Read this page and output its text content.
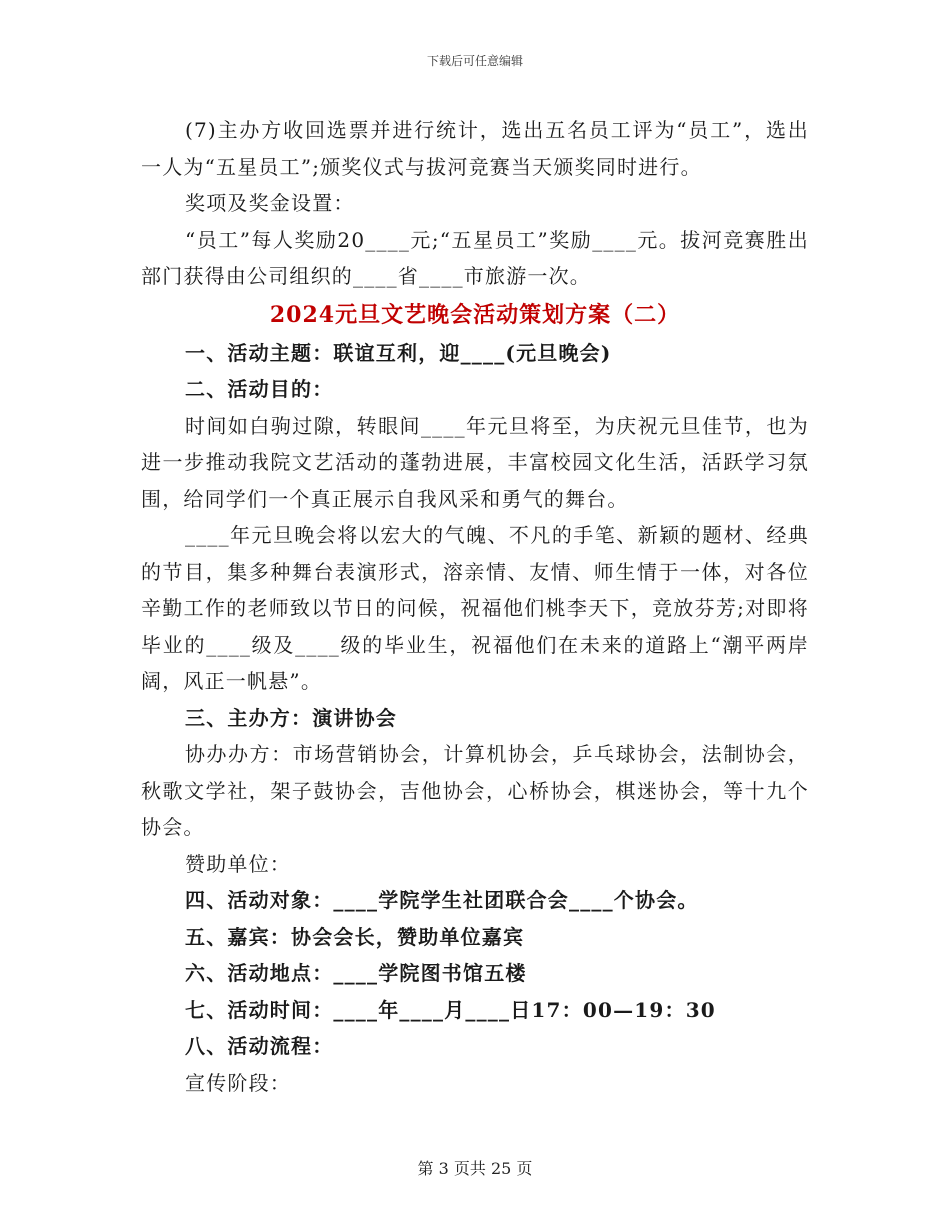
下载后可任意编辑

(7)主办方收回选票并进行统计，选出五名员工评为“员工”，选出一人为“五星员工”;颁奖仪式与拔河竞赛当天颁奖同时进行。

奖项及奖金设置：

“员工”每人奖励20____元;“五星员工”奖励____元。拔河竞赛胜出部门获得由公司组织的____省____市旅游一次。

2024元旦文艺晚会活动策划方案（二）

一、活动主题：联谊互利，迎____(元旦晚会)

二、活动目的：

时间如白驹过隙，转眼间____年元旦将至，为庆祝元旦佳节，也为进一步推动我院文艺活动的蓬勃进展，丰富校园文化生活，活跃学习氛围，给同学们一个真正展示自我风采和勇气的舞台。

____年元旦晚会将以宏大的气魄、不凡的手笔、新颖的题材、经典的节目，集多种舞台表演形式，溶亲情、友情、师生情于一体，对各位辛勤工作的老师致以节日的问候，祝福他们桃李天下，竞放芬芳;对即将毕业的____级及____级的毕业生，祝福他们在未来的道路上“潮平两岸阔，风正一帆悬”。

三、主办方：演讲协会

协办办方：市场营销协会，计算机协会，乒乓球协会，法制协会，秋歌文学社，架子鼓协会，吉他协会，心桥协会，棋迷协会，等十九个协会。

赞助单位：

四、活动对象：____学院学生社团联合会____个协会。

五、嘉宾：协会会长，赞助单位嘉宾

六、活动地点：____学院图书馆五楼

七、活动时间：____年____月____日17：00—19：30

八、活动流程：

宣传阶段：

第 3 页共 25 页
